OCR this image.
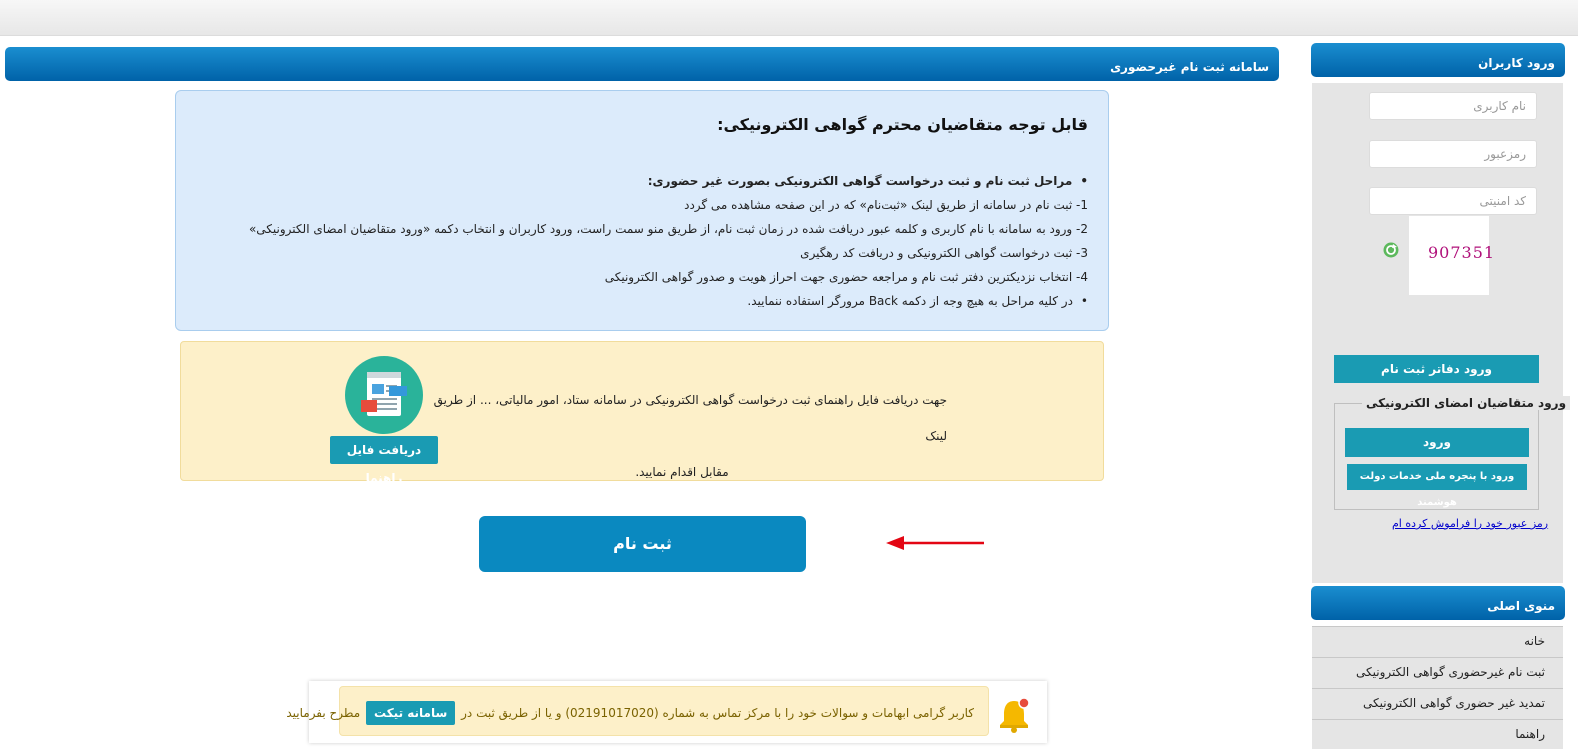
سامانه ثبت نام غیرحضوری
قابل توجه متقاضیان محترم گواهی الکترونیکی:
• مراحل ثبت نام و ثبت درخواست گواهی الکترونیکی بصورت غیر حضوری:
1- ثبت نام در سامانه از طریق لینک «ثبت‌نام» که در این صفحه مشاهده می گردد
2- ورود به سامانه با نام کاربری و کلمه عبور دریافت شده در زمان ثبت نام، از طریق منو سمت راست، ورود کاربران و انتخاب دکمه «ورود متقاضیان امضای الکترونیکی»
3- ثبت درخواست گواهی الکترونیکی و دریافت کد رهگیری
4- انتخاب نزدیکترین دفتر ثبت نام و مراجعه حضوری جهت احراز هویت و صدور گواهی الکترونیکی
• در کلیه مراحل به هیچ وجه از دکمه Back مرورگر استفاده ننمایید.
جهت دریافت فایل راهنمای ثبت درخواست گواهی الکترونیکی در سامانه ستاد، امور مالیاتی، ... از طریق لینک
مقابل اقدام نمایید.
دریافت فایل راهنما
ثبت نام
کاربر گرامی ابهامات و سوالات خود را با مرکز تماس به شماره (02191017020) و یا از طریق ثبت در سامانه تیکت مطرح بفرمایید
ورود کاربران
نام کاربری
رمزعبور
کد امنیتی
907351
ورود دفاتر ثبت نام
ورود متقاضیان امضای الکترونیکی
ورود
ورود با پنجره ملی خدمات دولت هوشمند
رمز عبور خود را فراموش کرده ام
منوی اصلی
خانه
ثبت نام غیرحضوری گواهی الکترونیکی
تمدید غیر حضوری گواهی الکترونیکی
راهنما
